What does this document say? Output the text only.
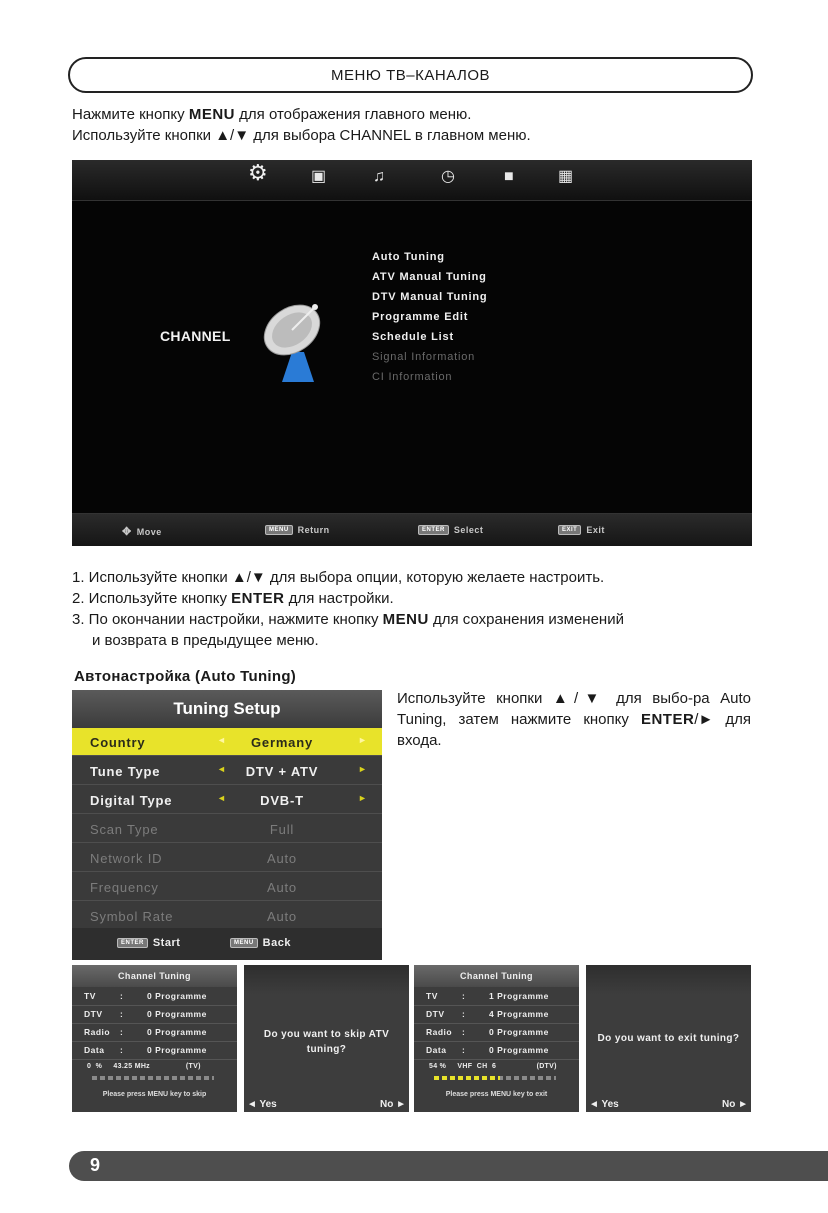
МЕНЮ ТВ–КАНАЛОВ
Нажмите кнопку MENU для отображения главного меню.
Используйте кнопки ▲/▼ для выбора CHANNEL в главном меню.
⚙	▣	♫	◷	■	▦
CHANNEL
Auto Tuning
ATV Manual Tuning
DTV Manual Tuning
Programme Edit
Schedule List
Signal Information
CI Information
✥ Move	MENU	Return	ENTER	Select	EXIT	Exit
1. Используйте кнопки ▲/▼ для выбора опции, которую желаете настроить.
2. Используйте кнопку ENTER для настройки.
3. По окончании настройки, нажмите кнопку MENU для сохранения изменений
и возврата в предыдущее меню.
Автонастройка (Auto Tuning)
Tuning Setup
Country	◄	Germany	►
Tune Type	◄	DTV + ATV	►
Digital Type	◄	DVB-T	►
Scan Type	Full
Network ID	Auto
Frequency	Auto
Symbol Rate	Auto
ENTER Start	MENU Back
Используйте кнопки ▲/▼ для выбо-ра Auto Tuning, затем нажмите кнопку ENTER/► для входа.
Channel Tuning
TV	:	0 Programme
DTV :	0 Programme
Radio :	0 Programme
Data :	0 Programme
0  %     43.25 MHz                (TV)
Please press MENU key to skip
Do you want to skip ATV tuning?
◄ Yes	No ►
Channel Tuning
TV	:	1 Programme
DTV :	4 Programme
Radio :	0 Programme
Data :	0 Programme
54 %     VHF  CH  6                  (DTV)
Please press MENU key to exit
Do you want to exit tuning?
◄ Yes	No ►
9
